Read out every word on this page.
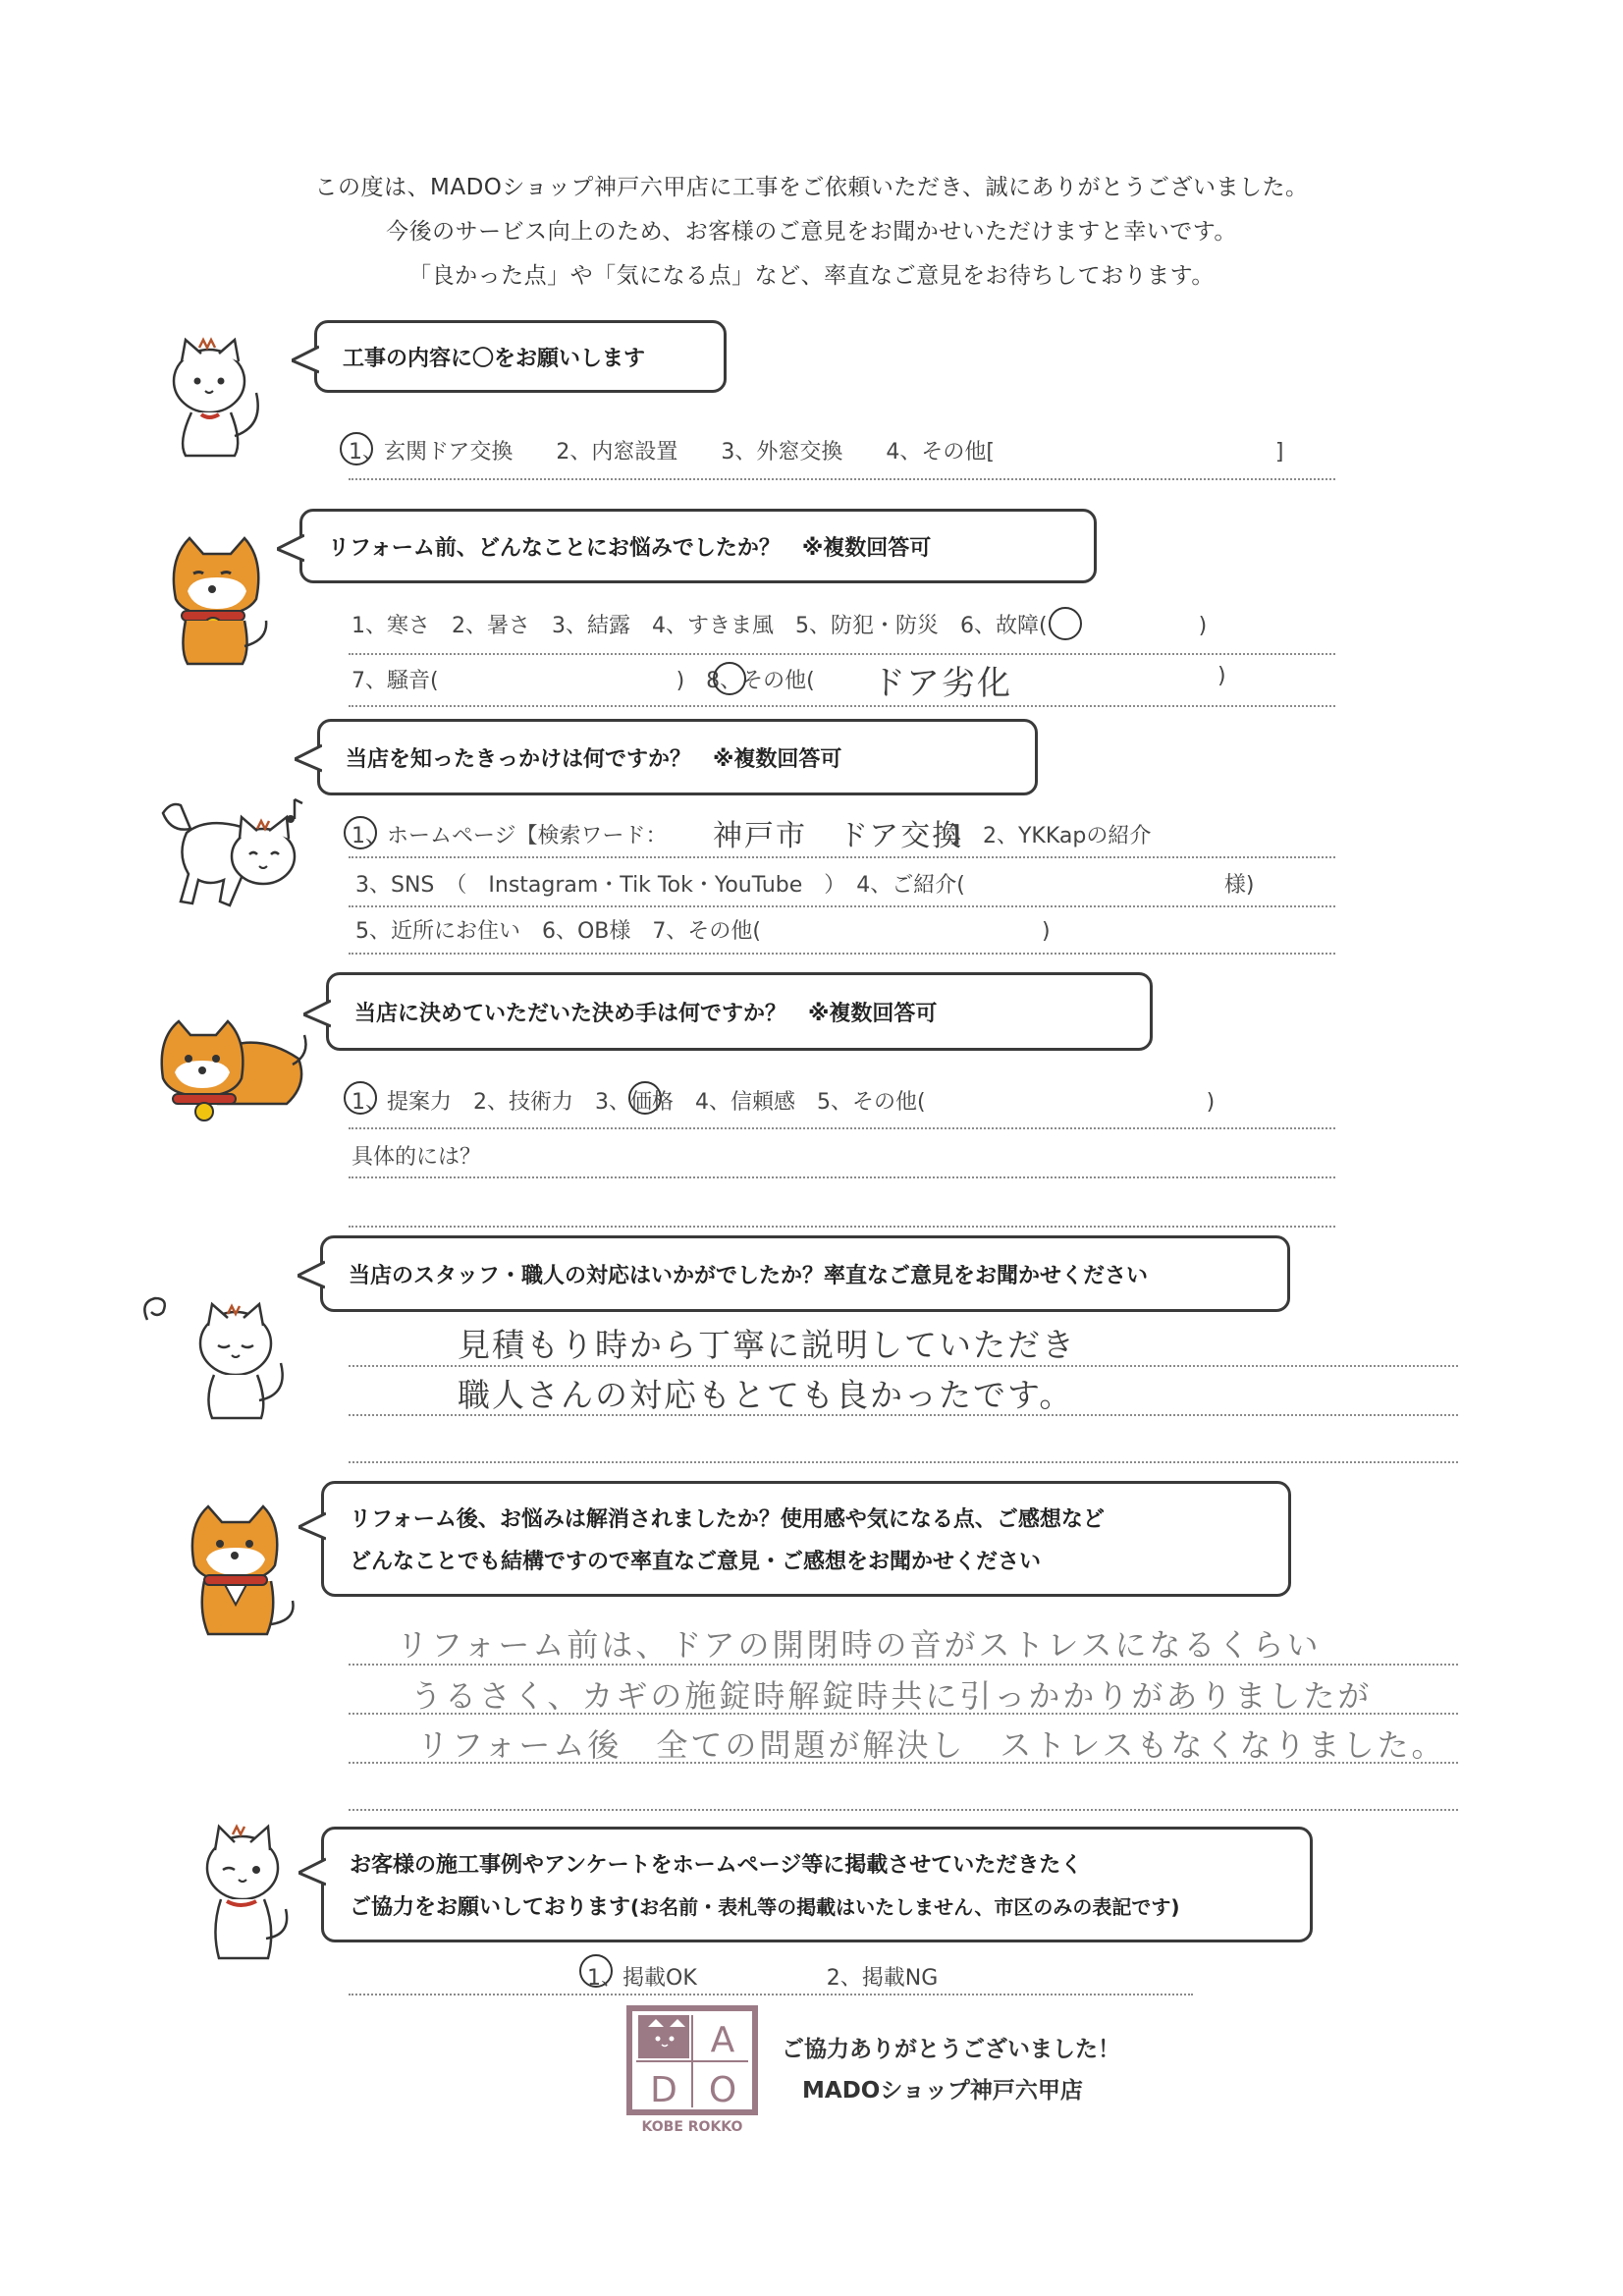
この度は、MADOショップ神戸六甲店に工事をご依頼いただき、誠にありがとうございました。
今後のサービス向上のため、お客様のご意見をお聞かせいただけますと幸いです。
「良かった点」や「気になる点」など、率直なご意見をお待ちしております。
工事の内容に〇をお願いします
1、玄関ドア交換　　2、内窓設置　　3、外窓交換　　4、その他[　　　　　　　　　　　　　]
リフォーム前、どんなことにお悩みでしたか？　※複数回答可
1、寒さ　2、暑さ　3、結露　4、すきま風　5、防犯・防災　6、故障(　　　　　　　)
7、騒音(　　　　　　　　　　　)　8、その他( ドア劣化	)
当店を知ったきっかけは何ですか？　※複数回答可
1、ホームページ【検索ワード： 神戸市　ドア交換
】　2、YKKapの紹介
3、SNS　（　Instagram・Tik Tok・YouTube　）　4、ご紹介(　　　　　　　　　　　　様)
5、近所にお住い　6、OB様　7、その他(　　　　　　　　　　　　　)
当店に決めていただいた決め手は何ですか？　※複数回答可
1、提案力　2、技術力　3、価格　4、信頼感　5、その他(　　　　　　　　　　　　　)
具体的には？
当店のスタッフ・職人の対応はいかがでしたか？率直なご意見をお聞かせください
見積もり時から丁寧に説明していただき
職人さんの対応もとても良かったです。
リフォーム後、お悩みは解消されましたか？使用感や気になる点、ご感想など
どんなことでも結構ですので率直なご意見・ご感想をお聞かせください
リフォーム前は、ドアの開閉時の音がストレスになるくらい
うるさく、カギの施錠時解錠時共に引っかかりがありましたが
リフォーム後　全ての問題が解決し　ストレスもなくなりました。
お客様の施工事例やアンケートをホームページ等に掲載させていただきたく
ご協力をお願いしております(お名前・表札等の掲載はいたしません、市区のみの表記です)
1、掲載OK　　　　　　2、掲載NG
A
D O
KOBE ROKKO
ご協力ありがとうございました！
MADOショップ神戸六甲店
